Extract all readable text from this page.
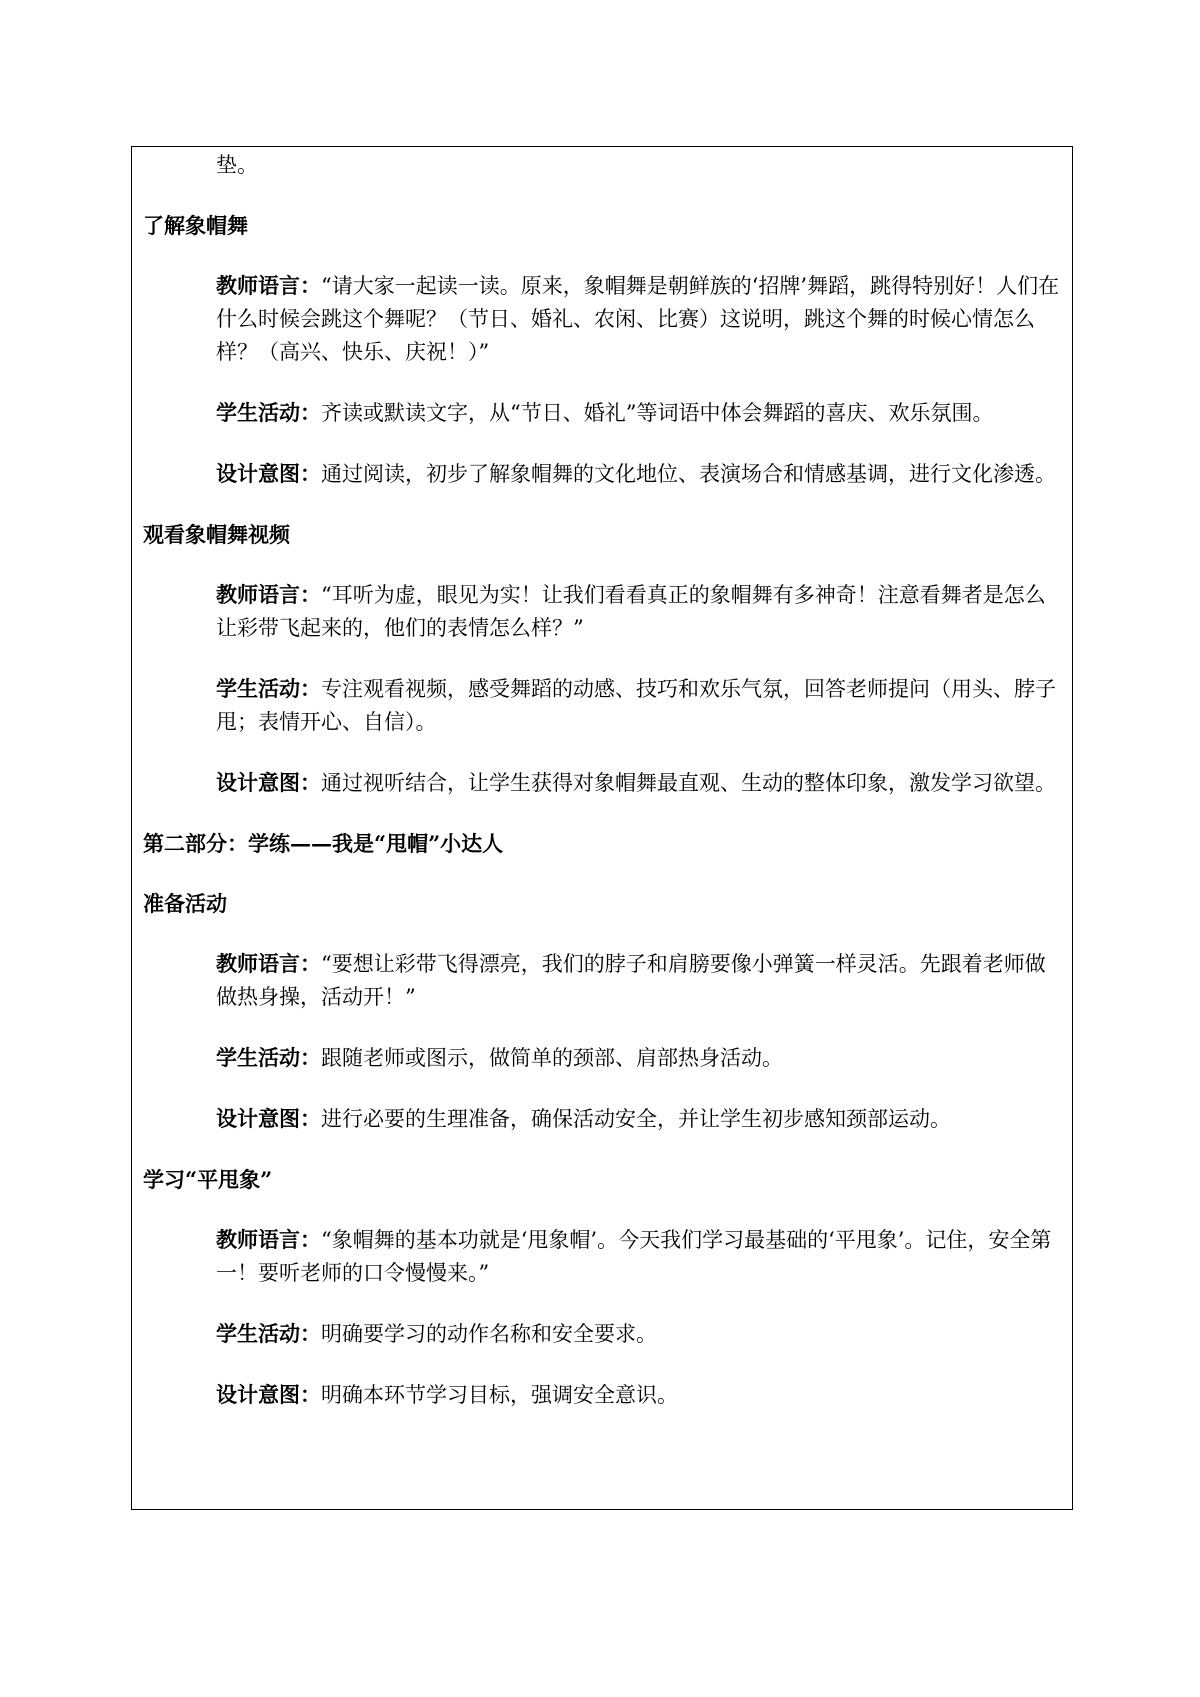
垫。
了解象帽舞
教师语言：“请大家一起读一读。原来，象帽舞是朝鲜族的‘招牌’舞蹈，跳得特别好！人们在什么时候会跳这个舞呢？（节日、婚礼、农闲、比赛）这说明，跳这个舞的时候心情怎么样？（高兴、快乐、庆祝！）”
学生活动：齐读或默读文字，从“节日、婚礼”等词语中体会舞蹈的喜庆、欢乐氛围。
设计意图：通过阅读，初步了解象帽舞的文化地位、表演场合和情感基调，进行文化渗透。
观看象帽舞视频
教师语言：“耳听为虚，眼见为实！让我们看看真正的象帽舞有多神奇！注意看舞者是怎么让彩带飞起来的，他们的表情怎么样？”
学生活动：专注观看视频，感受舞蹈的动感、技巧和欢乐气氛，回答老师提问（用头、脖子甩；表情开心、自信）。
设计意图：通过视听结合，让学生获得对象帽舞最直观、生动的整体印象，激发学习欲望。
第二部分：学练——我是“甩帽”小达人
准备活动
教师语言：“要想让彩带飞得漂亮，我们的脖子和肩膀要像小弹簧一样灵活。先跟着老师做做热身操，活动开！”
学生活动：跟随老师或图示，做简单的颈部、肩部热身活动。
设计意图：进行必要的生理准备，确保活动安全，并让学生初步感知颈部运动。
学习“平甩象”
教师语言：“象帽舞的基本功就是‘甩象帽’。今天我们学习最基础的‘平甩象’。记住，安全第一！要听老师的口令慢慢来。”
学生活动：明确要学习的动作名称和安全要求。
设计意图：明确本环节学习目标，强调安全意识。
